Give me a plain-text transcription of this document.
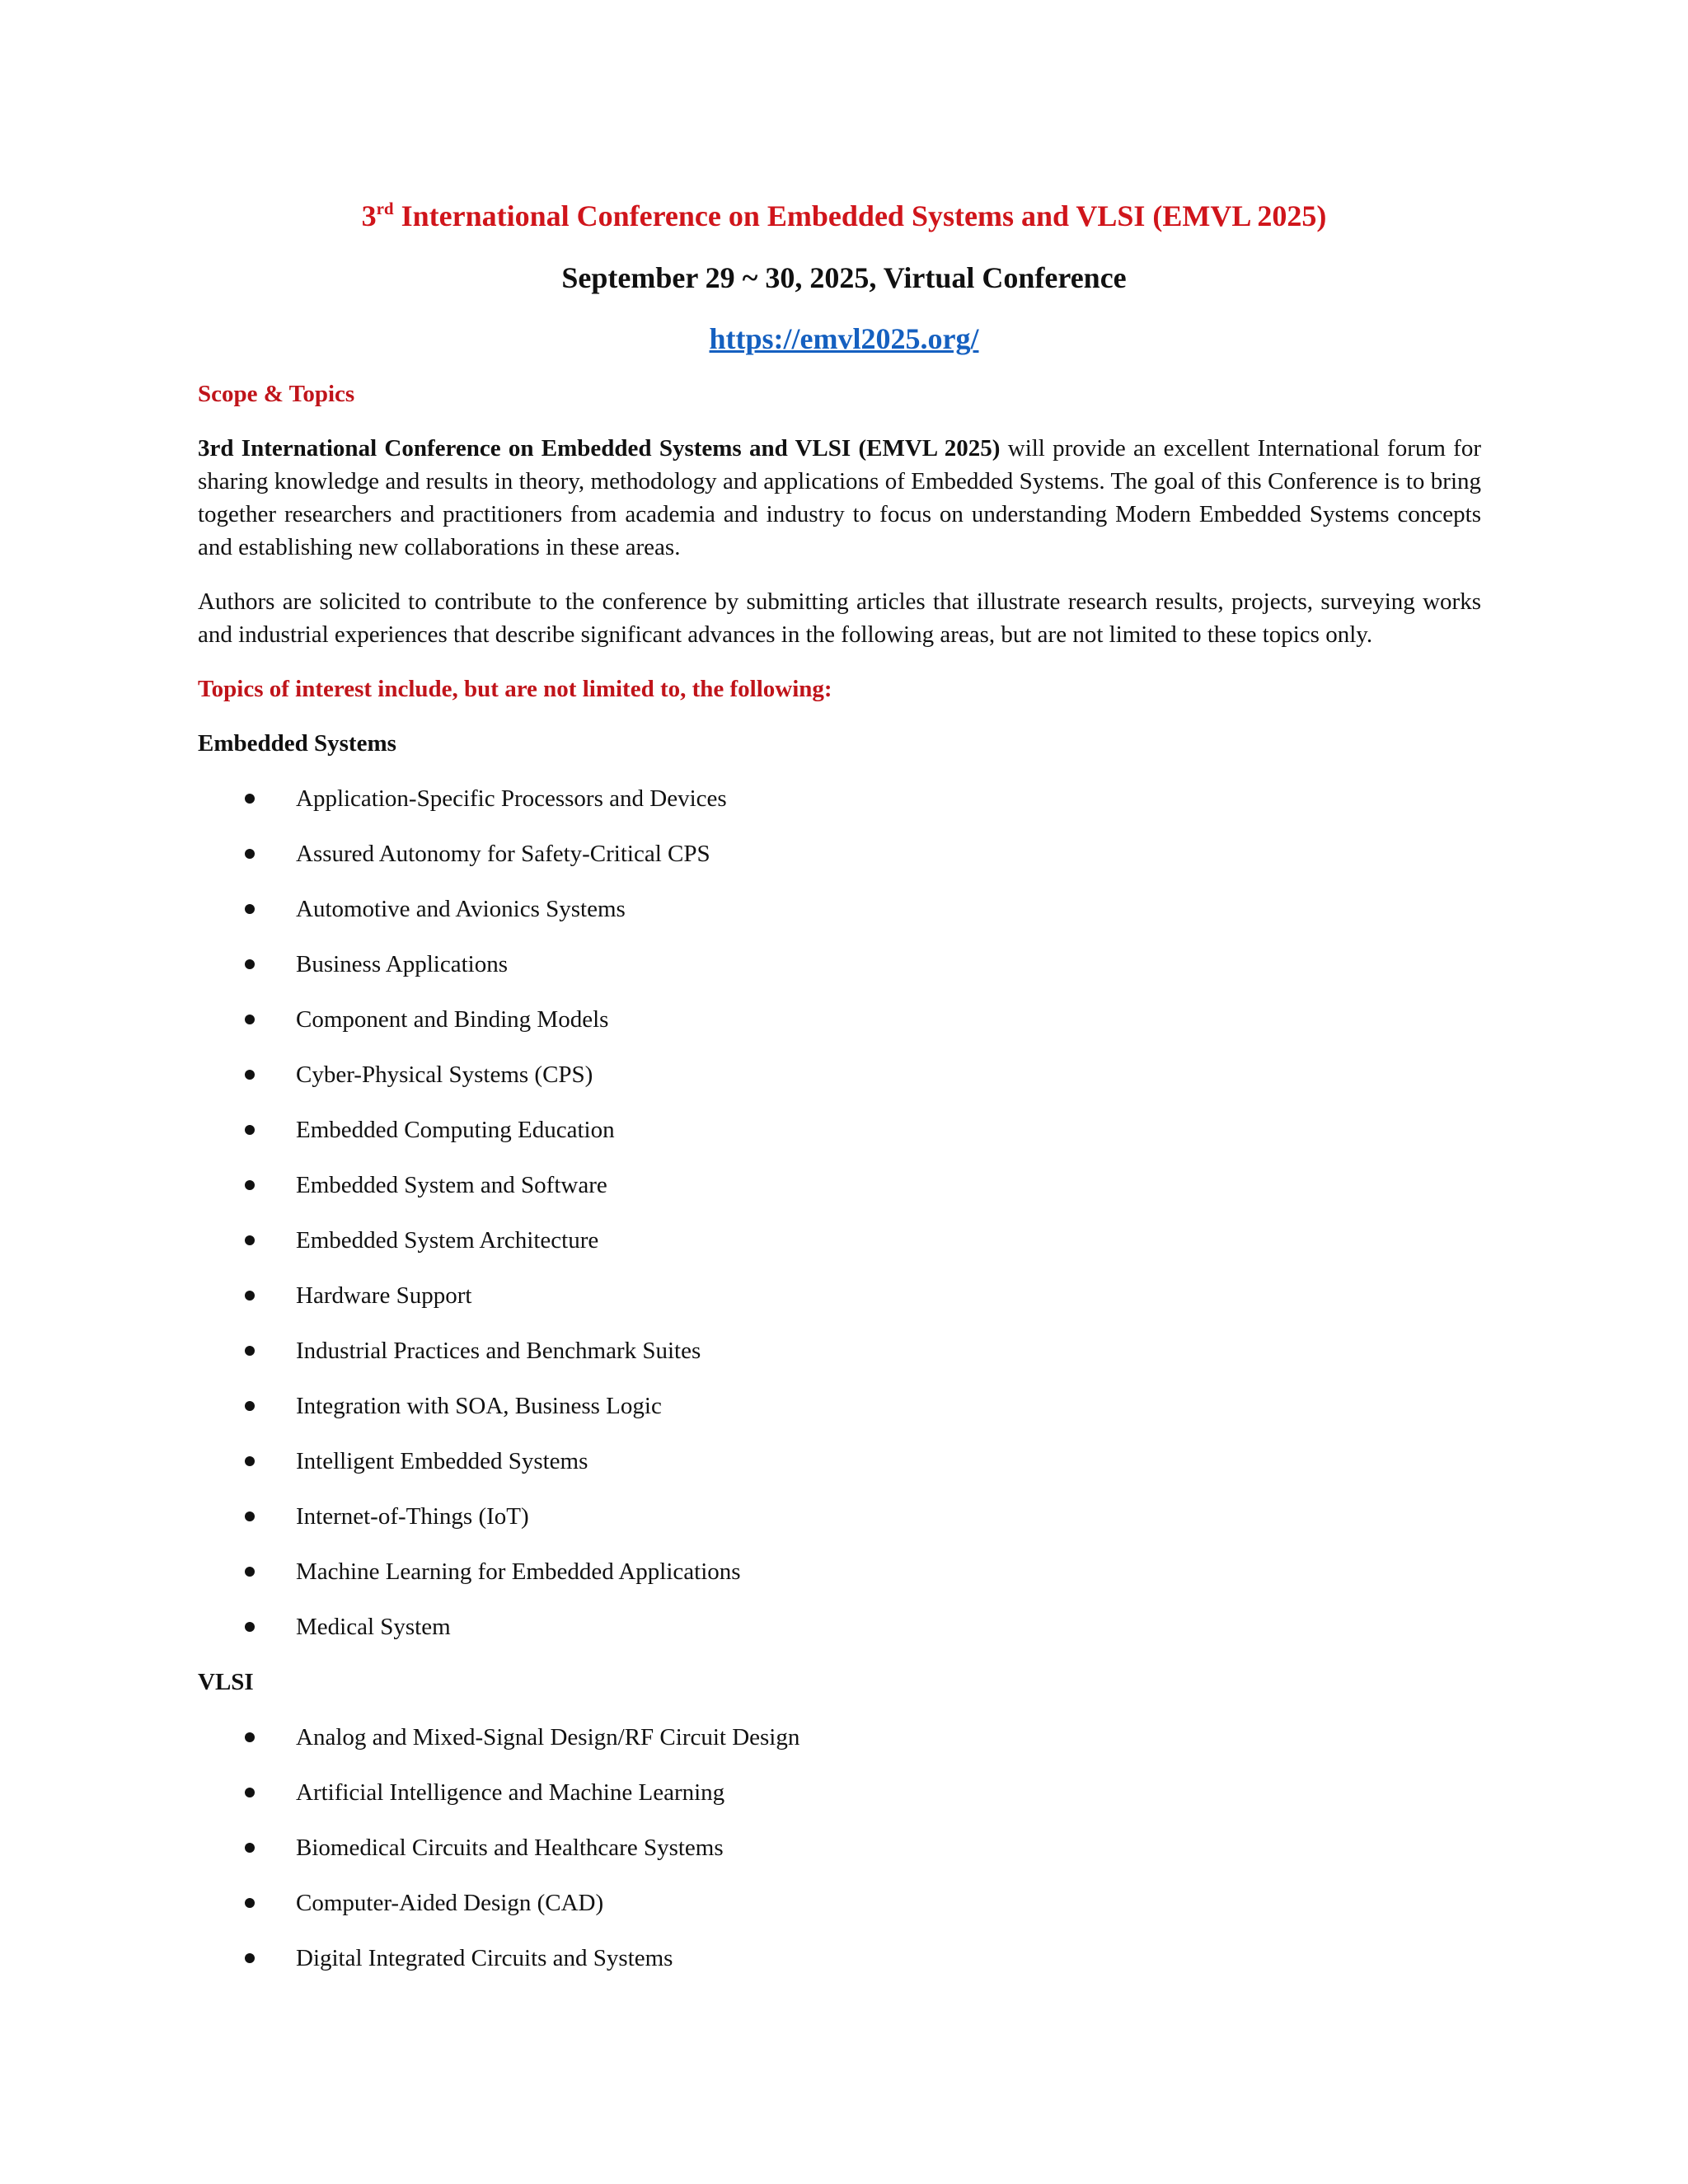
3rd International Conference on Embedded Systems and VLSI (EMVL 2025)
September 29 ~ 30, 2025, Virtual Conference
https://emvl2025.org/
Scope & Topics
3rd International Conference on Embedded Systems and VLSI (EMVL 2025) will provide an excellent International forum for sharing knowledge and results in theory, methodology and applications of Embedded Systems. The goal of this Conference is to bring together researchers and practitioners from academia and industry to focus on understanding Modern Embedded Systems concepts and establishing new collaborations in these areas.
Authors are solicited to contribute to the conference by submitting articles that illustrate research results, projects, surveying works and industrial experiences that describe significant advances in the following areas, but are not limited to these topics only.
Topics of interest include, but are not limited to, the following:
Embedded Systems
Application-Specific Processors and Devices
Assured Autonomy for Safety-Critical CPS
Automotive and Avionics Systems
Business Applications
Component and Binding Models
Cyber-Physical Systems (CPS)
Embedded Computing Education
Embedded System and Software
Embedded System Architecture
Hardware Support
Industrial Practices and Benchmark Suites
Integration with SOA, Business Logic
Intelligent Embedded Systems
Internet-of-Things (IoT)
Machine Learning for Embedded Applications
Medical System
VLSI
Analog and Mixed-Signal Design/RF Circuit Design
Artificial Intelligence and Machine Learning
Biomedical Circuits and Healthcare Systems
Computer-Aided Design (CAD)
Digital Integrated Circuits and Systems
